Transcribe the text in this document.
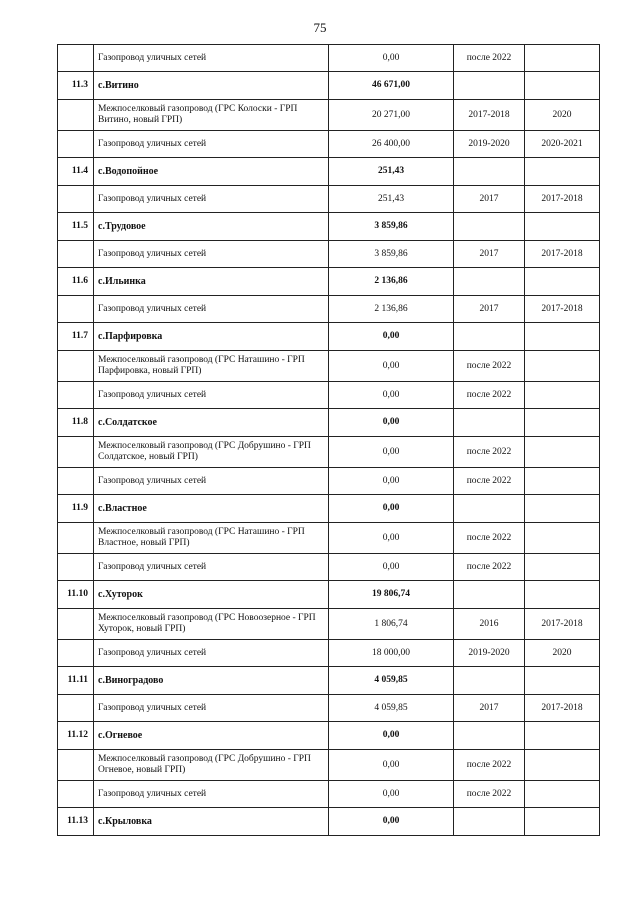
75
	Газопровод уличных сетей	0,00	после 2022	
11.3	с.Витино	46 671,00		
	Межпоселковый газопровод (ГРС Колоски - ГРП Витино, новый ГРП)	20 271,00	2017-2018	2020
	Газопровод уличных сетей	26 400,00	2019-2020	2020-2021
11.4	с.Водопойное	251,43		
	Газопровод уличных сетей	251,43	2017	2017-2018
11.5	с.Трудовое	3 859,86		
	Газопровод уличных сетей	3 859,86	2017	2017-2018
11.6	с.Ильинка	2 136,86		
	Газопровод уличных сетей	2 136,86	2017	2017-2018
11.7	с.Парфировка	0,00		
	Межпоселковый газопровод (ГРС Наташино - ГРП Парфировка, новый ГРП)	0,00	после 2022	
	Газопровод уличных сетей	0,00	после 2022	
11.8	с.Солдатское	0,00		
	Межпоселковый газопровод (ГРС Добрушино - ГРП Солдатское, новый ГРП)	0,00	после 2022	
	Газопровод уличных сетей	0,00	после 2022	
11.9	с.Властное	0,00		
	Межпоселковый газопровод (ГРС Наташино - ГРП Властное, новый ГРП)	0,00	после 2022	
	Газопровод уличных сетей	0,00	после 2022	
11.10	с.Хуторок	19 806,74		
	Межпоселковый газопровод (ГРС Новоозерное - ГРП Хуторок, новый ГРП)	1 806,74	2016	2017-2018
	Газопровод уличных сетей	18 000,00	2019-2020	2020
11.11	с.Виноградово	4 059,85		
	Газопровод уличных сетей	4 059,85	2017	2017-2018
11.12	с.Огневое	0,00		
	Межпоселковый газопровод (ГРС Добрушино - ГРП Огневое, новый ГРП)	0,00	после 2022	
	Газопровод уличных сетей	0,00	после 2022	
11.13	с.Крыловка	0,00		
